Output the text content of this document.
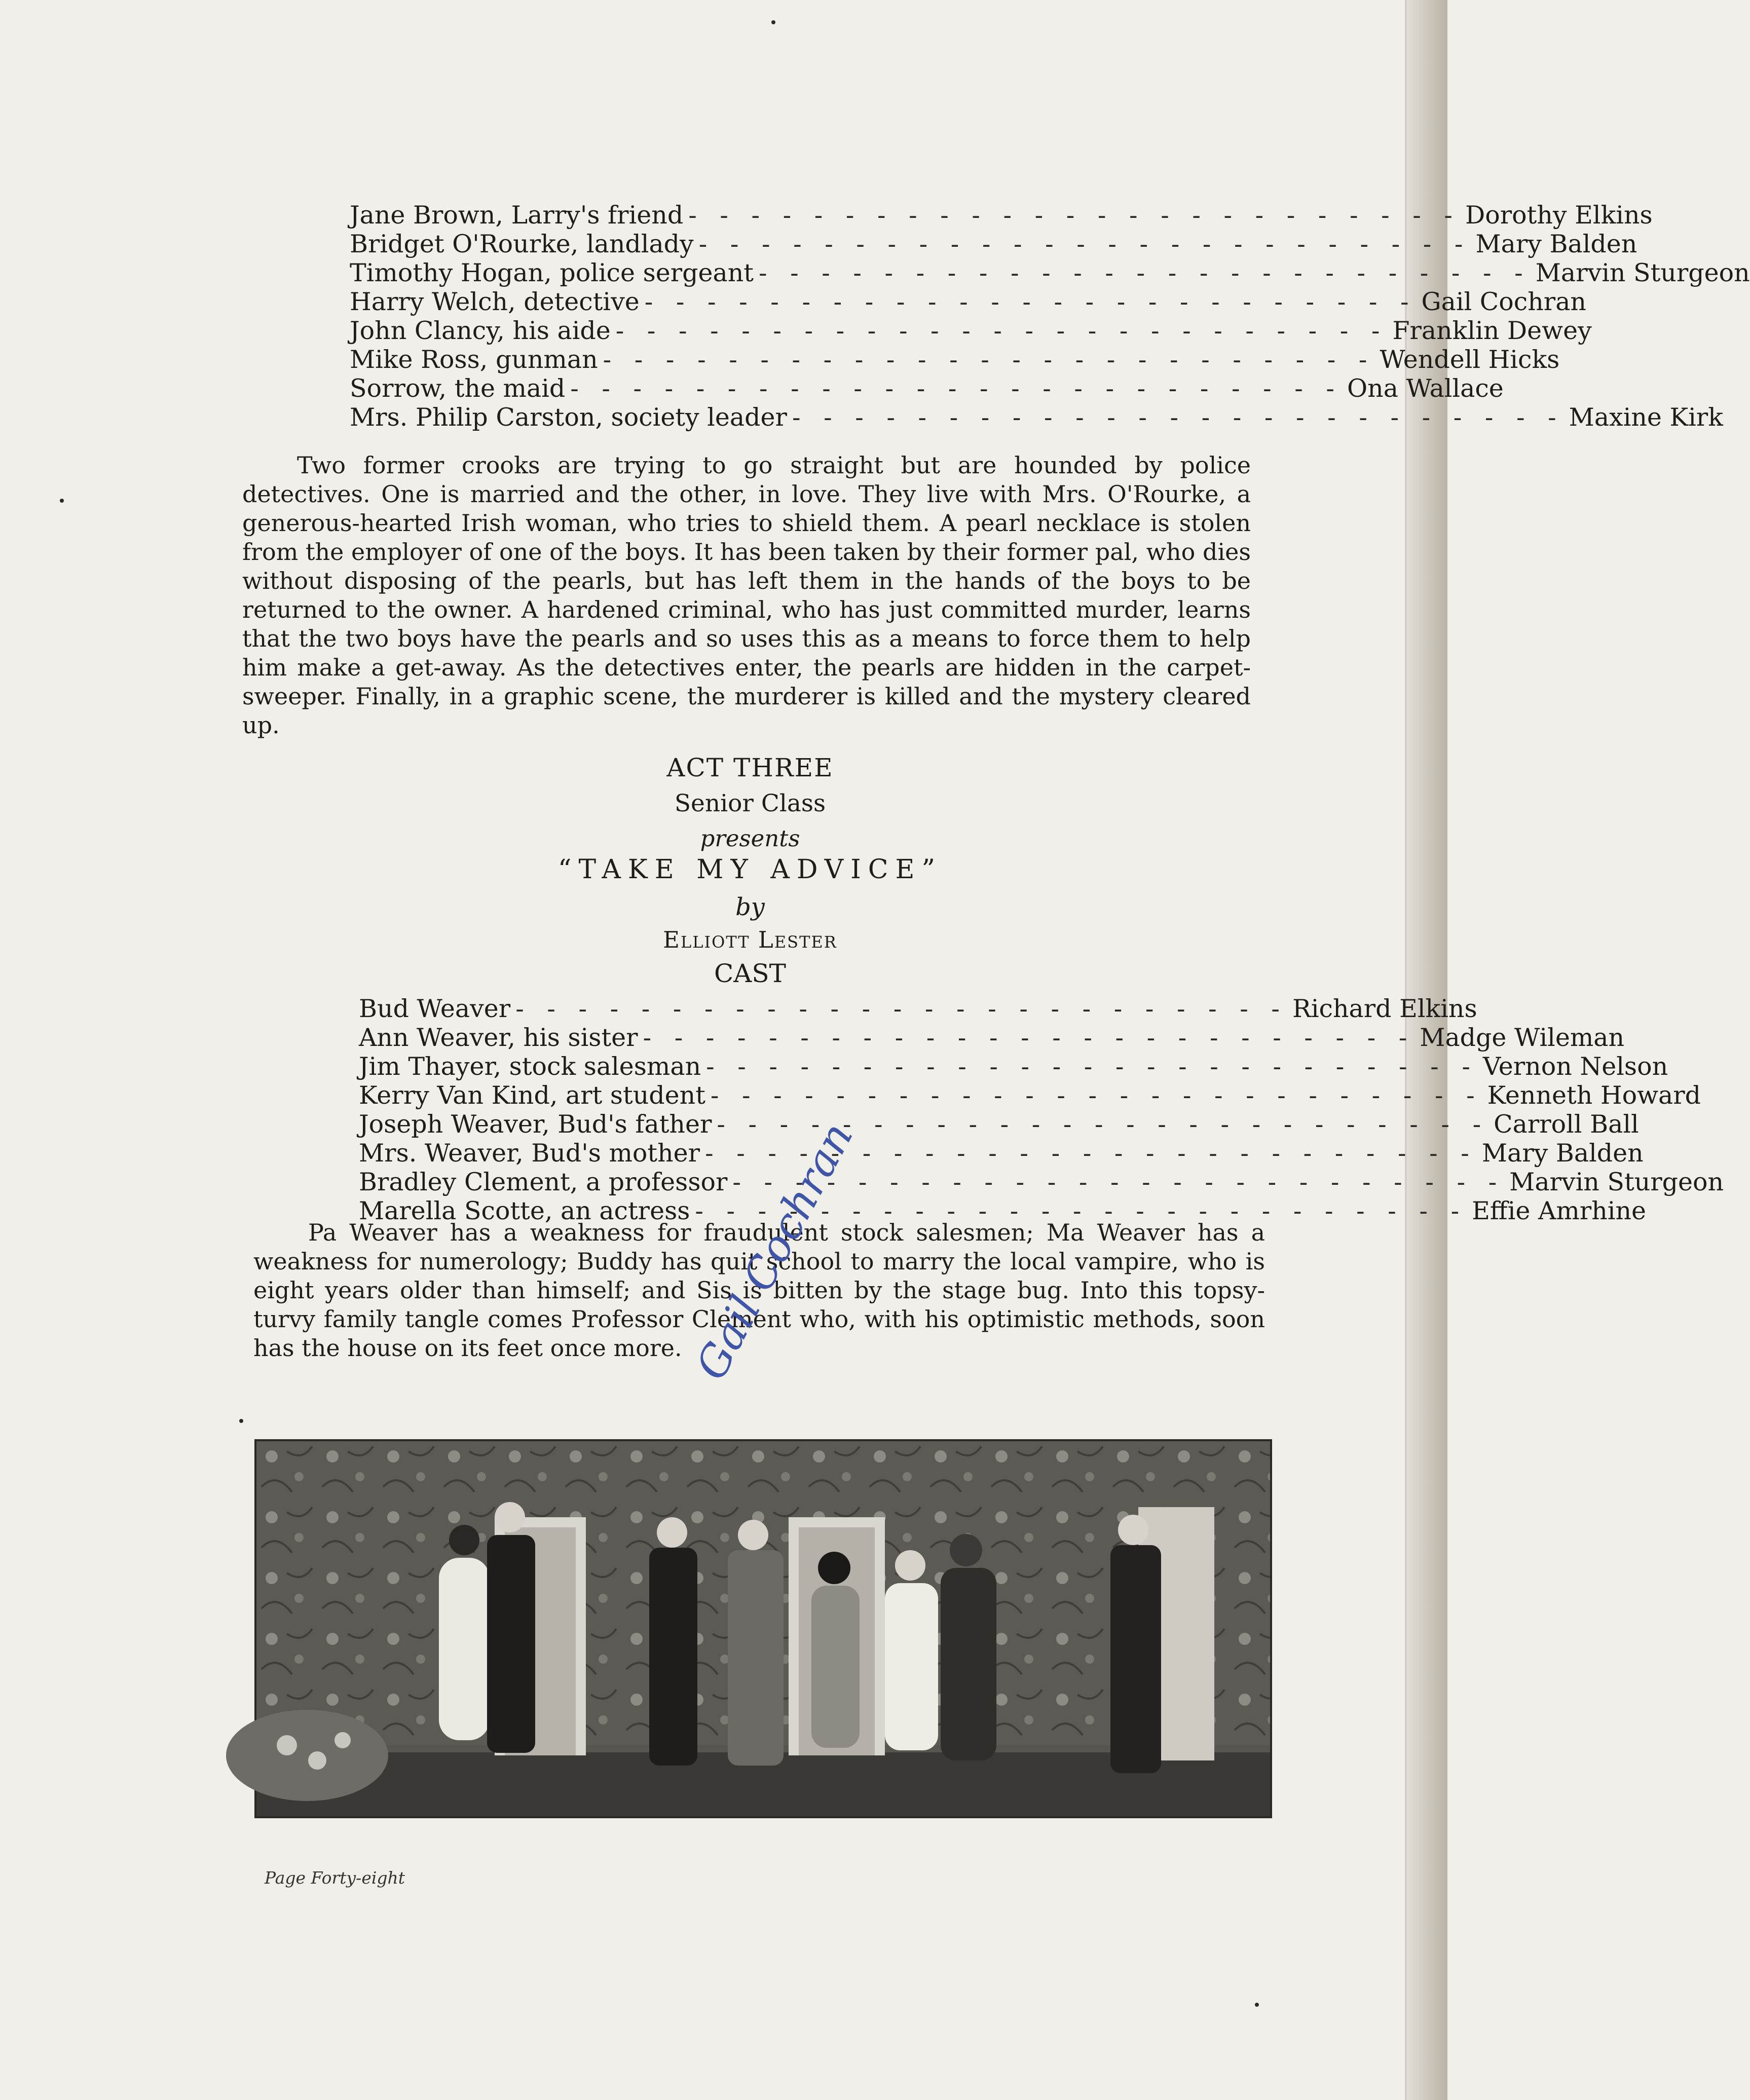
Jane Brown, Larry's friend - - - - - - - - - - - - - - - - - - - - - - - - - Dorothy Elkins
Bridget O'Rourke, landlady - - - - - - - - - - - - - - - - - - - - - - - - - Mary Balden
Timothy Hogan, police sergeant - - - - - - - - - - - - - - - - - - - - - - - - - Marvin Sturgeon
Harry Welch, detective - - - - - - - - - - - - - - - - - - - - - - - - - Gail Cochran
John Clancy, his aide - - - - - - - - - - - - - - - - - - - - - - - - - Franklin Dewey
Mike Ross, gunman - - - - - - - - - - - - - - - - - - - - - - - - - Wendell Hicks
Sorrow, the maid - - - - - - - - - - - - - - - - - - - - - - - - - Ona Wallace
Mrs. Philip Carston, society leader - - - - - - - - - - - - - - - - - - - - - - - - - Maxine Kirk

Two former crooks are trying to go straight but are hounded by police detectives. One is married and the other, in love. They live with Mrs. O'Rourke, a generous-hearted Irish woman, who tries to shield them. A pearl necklace is stolen from the employer of one of the boys. It has been taken by their former pal, who dies without disposing of the pearls, but has left them in the hands of the boys to be returned to the owner. A hardened criminal, who has just committed murder, learns that the two boys have the pearls and so uses this as a means to force them to help him make a get-away. As the detectives enter, the pearls are hidden in the carpet-sweeper. Finally, in a graphic scene, the murderer is killed and the mystery cleared up.

ACT THREE
Senior Class
presents
“TAKE MY ADVICE”
by
Elliott Lester
CAST
Bud Weaver - - - - - - - - - - - - - - - - - - - - - - - - - Richard Elkins
Ann Weaver, his sister - - - - - - - - - - - - - - - - - - - - - - - - - Madge Wileman
Jim Thayer, stock salesman - - - - - - - - - - - - - - - - - - - - - - - - - Vernon Nelson
Kerry Van Kind, art student - - - - - - - - - - - - - - - - - - - - - - - - - Kenneth Howard
Joseph Weaver, Bud's father - - - - - - - - - - - - - - - - - - - - - - - - - Carroll Ball
Mrs. Weaver, Bud's mother - - - - - - - - - - - - - - - - - - - - - - - - - Mary Balden
Bradley Clement, a professor - - - - - - - - - - - - - - - - - - - - - - - - - Marvin Sturgeon
Marella Scotte, an actress - - - - - - - - - - - - - - - - - - - - - - - - - Effie Amrhine

Pa Weaver has a weakness for fraudulent stock salesmen; Ma Weaver has a weakness for numerology; Buddy has quit school to marry the local vampire, who is eight years older than himself; and Sis is bitten by the stage bug. Into this topsy-turvy family tangle comes Professor Clement who, with his optimistic methods, soon has the house on its feet once more. Gail Cochran
Page Forty-eight
